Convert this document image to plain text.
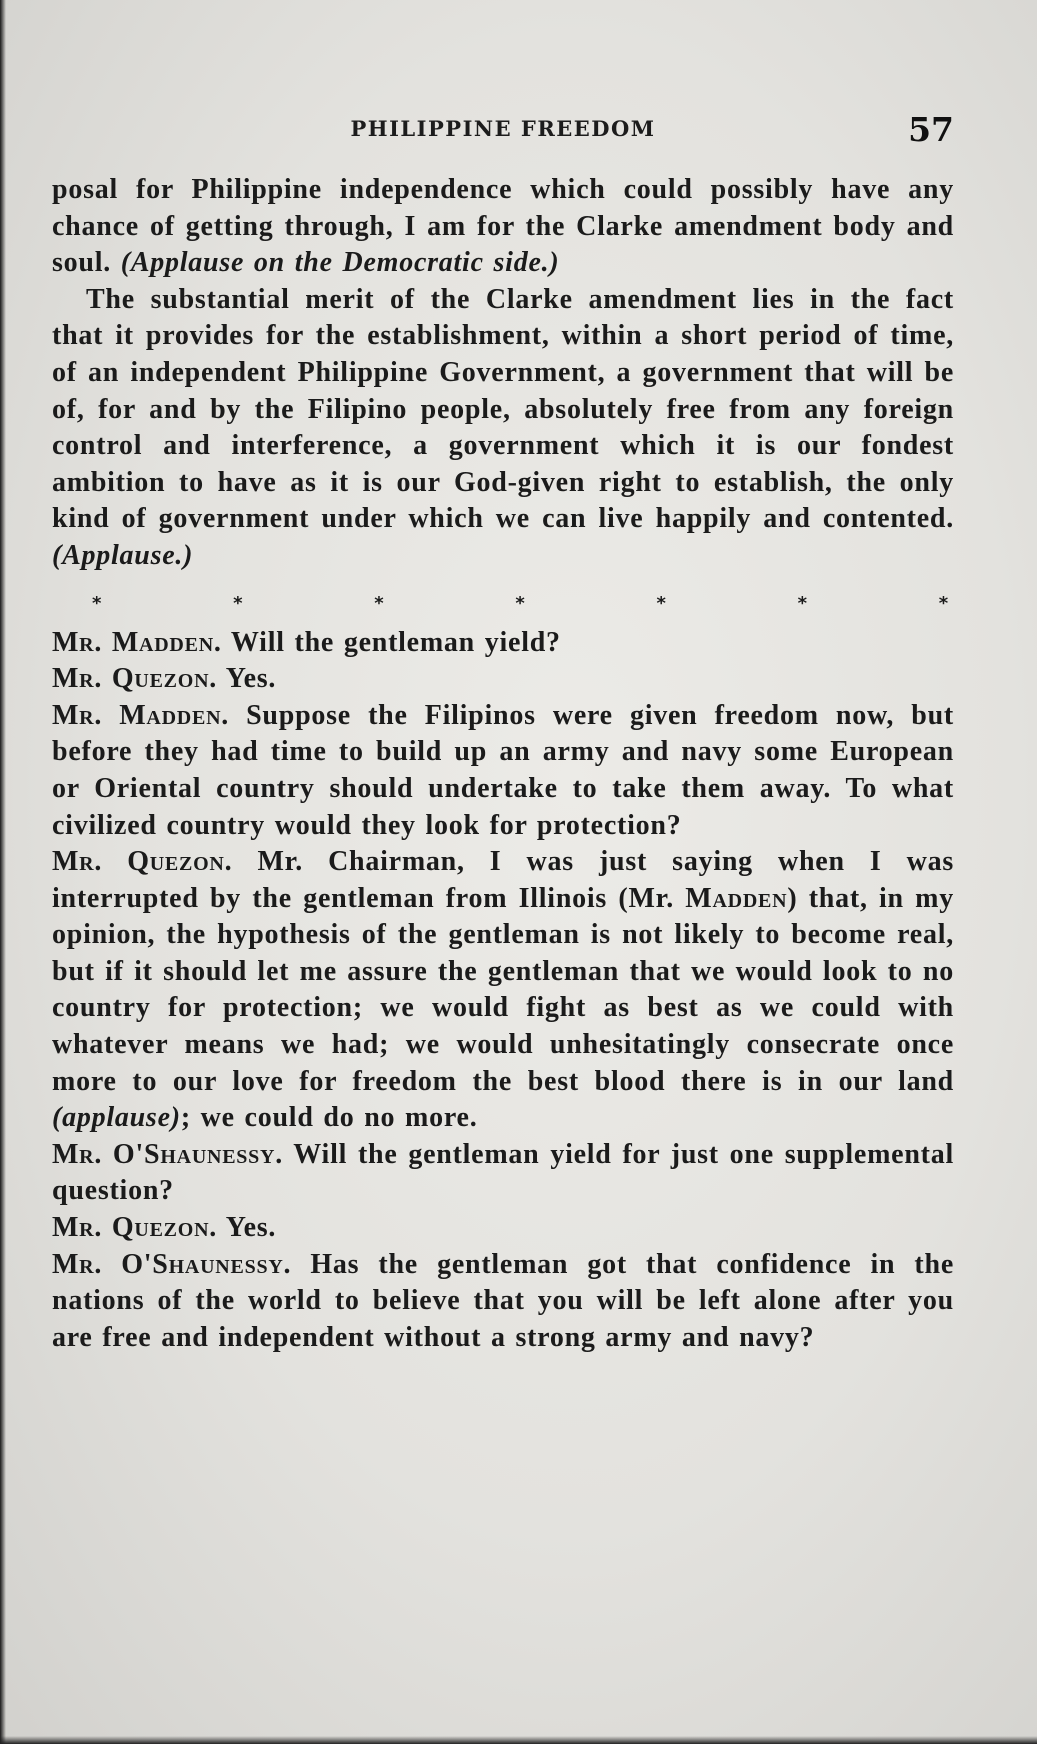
PHILIPPINE FREEDOM	57

posal for Philippine independence which could possibly have any chance of getting through, I am for the Clarke amendment body and soul. (Applause on the Democratic side.)

The substantial merit of the Clarke amendment lies in the fact that it provides for the establishment, within a short period of time, of an independent Philippine Government, a government that will be of, for and by the Filipino people, absolutely free from any foreign control and interference, a government which it is our fondest ambition to have as it is our God-given right to establish, the only kind of government under which we can live happily and contented. (Applause.)

*	*	*	*	*	*	*

Mr. Madden. Will the gentleman yield?

Mr. Quezon. Yes.

Mr. Madden. Suppose the Filipinos were given freedom now, but before they had time to build up an army and navy some European or Oriental country should undertake to take them away. To what civilized country would they look for protection?

Mr. Quezon. Mr. Chairman, I was just saying when I was interrupted by the gentleman from Illinois (Mr. Madden) that, in my opinion, the hypothesis of the gentleman is not likely to become real, but if it should let me assure the gentleman that we would look to no country for protection; we would fight as best as we could with whatever means we had; we would unhesitatingly consecrate once more to our love for freedom the best blood there is in our land (applause); we could do no more.

Mr. O'Shaunessy. Will the gentleman yield for just one supplemental question?

Mr. Quezon. Yes.

Mr. O'Shaunessy. Has the gentleman got that confidence in the nations of the world to believe that you will be left alone after you are free and independent without a strong army and navy?
